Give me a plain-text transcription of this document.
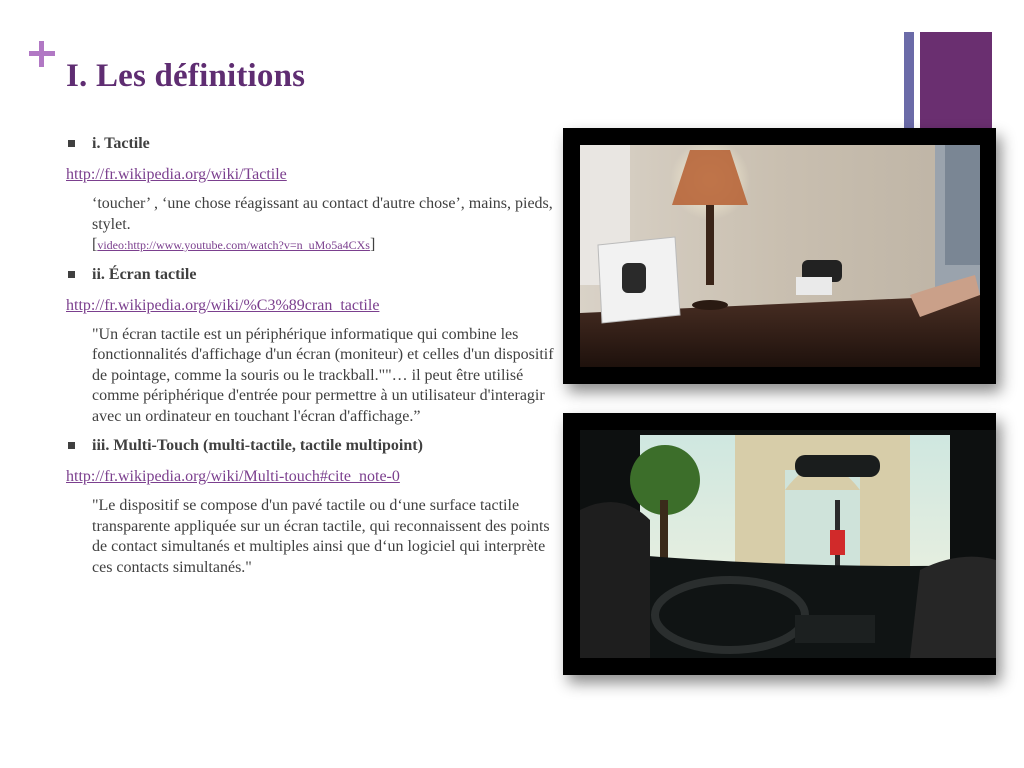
I. Les définitions
i. Tactile
http://fr.wikipedia.org/wiki/Tactile
‘toucher’ , ‘une chose réagissant au contact d'autre chose’, mains, pieds, stylet.
[video:http://www.youtube.com/watch?v=n_uMo5a4CXs]
ii. Écran tactile
http://fr.wikipedia.org/wiki/%C3%89cran_tactile
"Un écran tactile est un périphérique informatique qui combine les fonctionnalités d'affichage d'un écran (moniteur) et celles d'un dispositif de pointage, comme la souris ou le trackball.""… il peut être utilisé comme périphérique d'entrée pour permettre à un utilisateur d'interagir avec un ordinateur en touchant l'écran d'affichage.”
iii. Multi-Touch (multi-tactile, tactile multipoint)
http://fr.wikipedia.org/wiki/Multi-touch#cite_note-0
"Le dispositif se compose d'un pavé tactile ou d‘une surface tactile transparente appliquée sur un écran tactile, qui reconnaissent des points de contact simultanés et multiples ainsi que d‘un logiciel qui interprète ces contacts simultanés."
